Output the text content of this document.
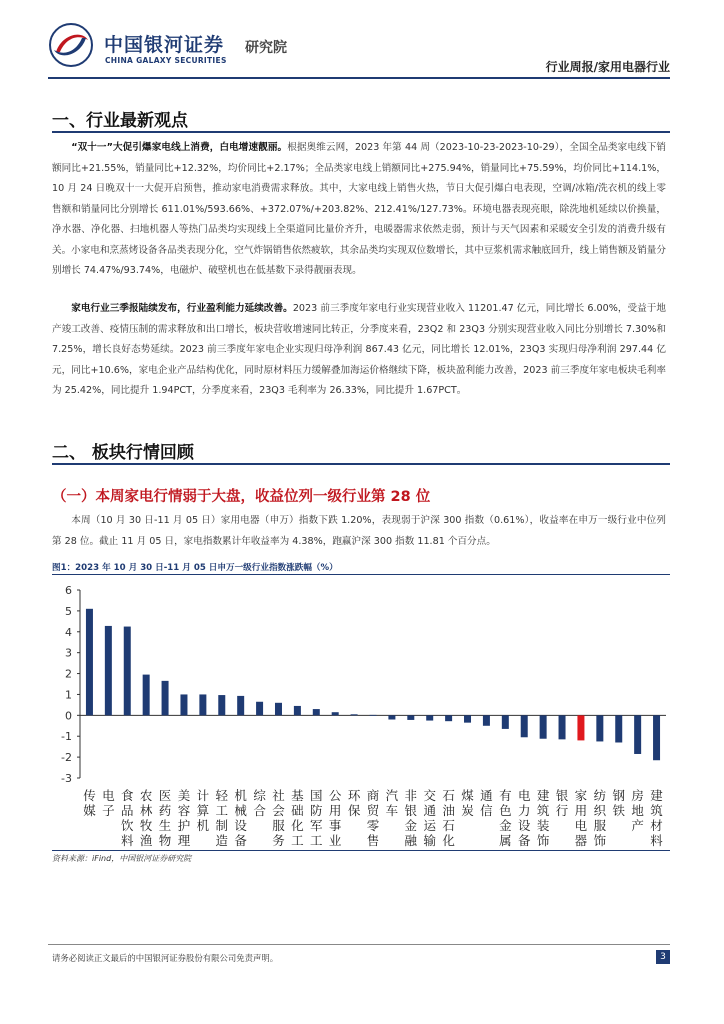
中国银河证券
CHINA GALAXY SECURITIES
研究院
行业周报/家用电器行业
一、行业最新观点
“双十一”大促引爆家电线上消费，白电增速靓丽。根据奥维云网，2023 年第 44 周（2023-10-23-2023-10-29），全国全品类家电线下销额同比+21.55%，销量同比+12.32%，均价同比+2.17%；全品类家电线上销额同比+275.94%，销量同比+75.59%，均价同比+114.1%，10 月 24 日晚双十一大促开启预售，推动家电消费需求释放。其中，大家电线上销售火热，节日大促引爆白电表现，空调/冰箱/洗衣机的线上零售额和销量同比分别增长 611.01%/593.66%、+372.07%/+203.82%、212.41%/127.73%。环境电器表现亮眼，除洗地机延续以价换量，净水器、净化器、扫地机器人等热门品类均实现线上全渠道同比量价齐升，电暖器需求依然走弱，预计与天气因素和采暖安全引发的消费升级有关。小家电和烹蒸烤设备各品类表现分化，空气炸锅销售依然疲软，其余品类均实现双位数增长，其中豆浆机需求触底回升，线上销售额及销量分别增长 74.47%/93.74%，电磁炉、破壁机也在低基数下录得靓丽表现。
家电行业三季报陆续发布，行业盈利能力延续改善。2023 前三季度年家电行业实现营业收入 11201.47 亿元，同比增长 6.00%，受益于地产竣工改善、疫情压制的需求释放和出口增长，板块营收增速同比转正，分季度来看，23Q2 和 23Q3 分别实现营业收入同比分别增长 7.30%和 7.25%，增长良好态势延续。2023 前三季度年家电企业实现归母净利润 867.43 亿元，同比增长 12.01%，23Q3 实现归母净利润 297.44 亿元，同比+10.6%，家电企业产品结构优化，同时原材料压力缓解叠加海运价格继续下降，板块盈利能力改善，2023 前三季度年家电板块毛利率为 25.42%，同比提升 1.94PCT，分季度来看，23Q3 毛利率为 26.33%，同比提升 1.67PCT。
二、 板块行情回顾
（一）本周家电行情弱于大盘，收益位列一级行业第 28 位
本周（10 月 30 日-11 月 05 日）家用电器（申万）指数下跌 1.20%，表现弱于沪深 300 指数（0.61%），收益率在申万一级行业中位列第 28 位。截止 11 月 05 日，家电指数累计年收益率为 4.38%，跑赢沪深 300 指数 11.81 个百分点。
图1：2023 年 10 月 30 日-11 月 05 日申万一级行业指数涨跌幅（%）
6
5
4
3
2
1
0
-1
-2
-3
传
媒
电
子
食
品
饮
料
农
林
牧
渔
医
药
生
物
美
容
护
理
计
算
机
轻
工
制
造
机
械
设
备
综
合
社
会
服
务
基
础
化
工
国
防
军
工
公
用
事
业
环
保
商
贸
零
售
汽
车
非
银
金
融
交
通
运
输
石
油
石
化
煤
炭
通
信
有
色
金
属
电
力
设
备
建
筑
装
饰
银
行
家
用
电
器
纺
织
服
饰
钢
铁
房
地
产
建
筑
材
料
资料来源：iFind，中国银河证券研究院
请务必阅读正文最后的中国银河证券股份有限公司免责声明。	3
